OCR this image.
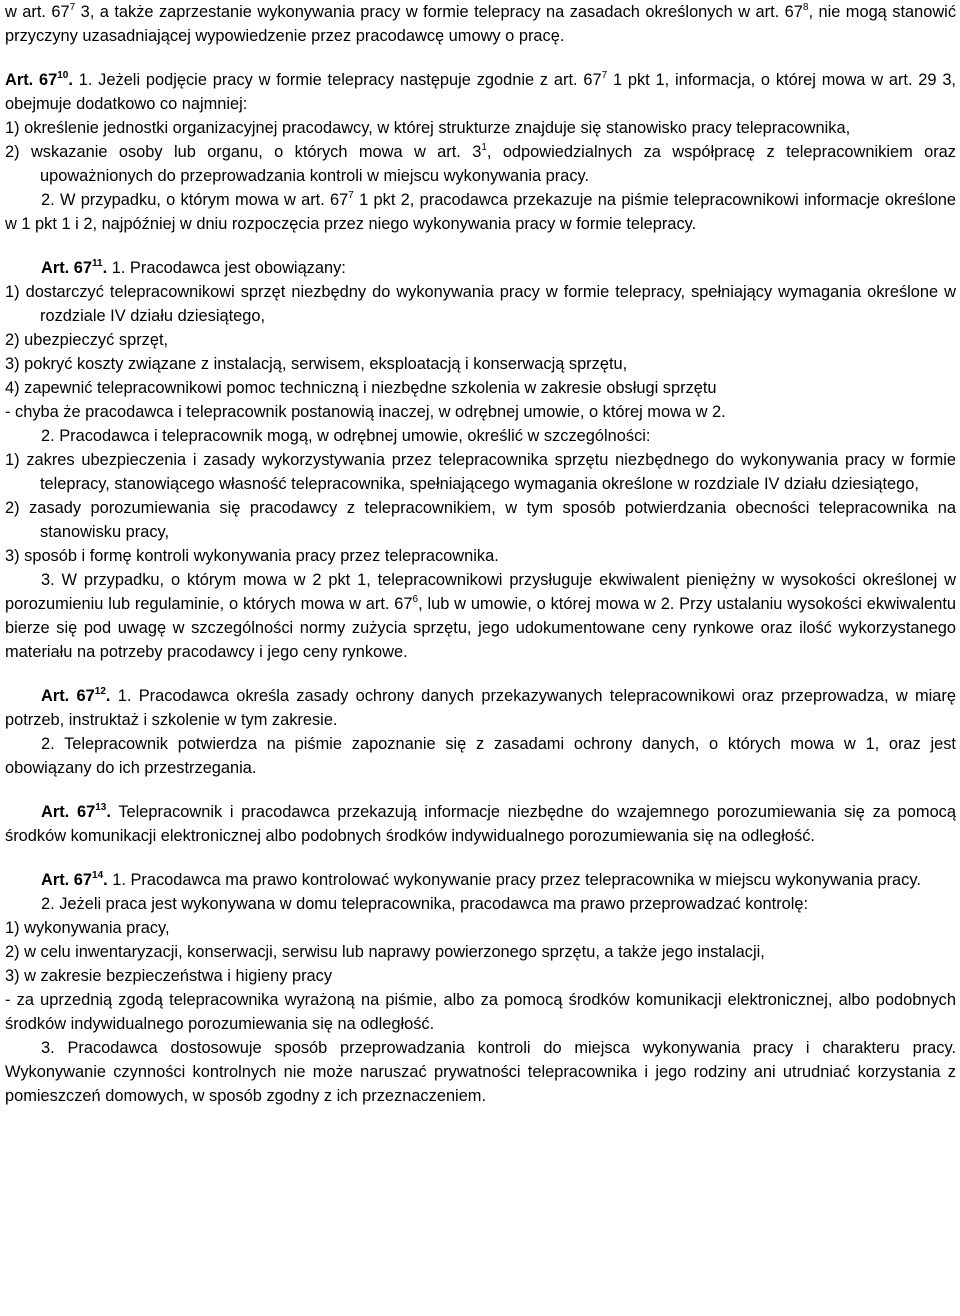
w art. $67^7$ 3, a także zaprzestanie wykonywania pracy w formie telepracy na zasadach określonych w art. $67^8$, nie mogą stanowić przyczyny uzasadniającej wypowiedzenie przez pracodawcę umowy o pracę.

Art. $67^{10}$. 1. Jeżeli podjęcie pracy w formie telepracy następuje zgodnie z art. $67^7$ 1 pkt 1, informacja, o której mowa w art. 29 3, obejmuje dodatkowo co najmniej:

1) określenie jednostki organizacyjnej pracodawcy, w której strukturze znajduje się stanowisko pracy telepracownika,

2) wskazanie osoby lub organu, o których mowa w art. $3^1$, odpowiedzialnych za współpracę z telepracownikiem oraz upoważnionych do przeprowadzania kontroli w miejscu wykonywania pracy.

2. W przypadku, o którym mowa w art. $67^7$ 1 pkt 2, pracodawca przekazuje na piśmie telepracownikowi informacje określone w 1 pkt 1 i 2, najpóźniej w dniu rozpoczęcia przez niego wykonywania pracy w formie telepracy.

Art. $67^{11}$. 1. Pracodawca jest obowiązany:

1) dostarczyć telepracownikowi sprzęt niezbędny do wykonywania pracy w formie telepracy, spełniający wymagania określone w rozdziale IV działu dziesiątego,

2) ubezpieczyć sprzęt,

3) pokryć koszty związane z instalacją, serwisem, eksploatacją i konserwacją sprzętu,

4) zapewnić telepracownikowi pomoc techniczną i niezbędne szkolenia w zakresie obsługi sprzętu

- chyba że pracodawca i telepracownik postanowią inaczej, w odrębnej umowie, o której mowa w 2.

2. Pracodawca i telepracownik mogą, w odrębnej umowie, określić w szczególności:

1) zakres ubezpieczenia i zasady wykorzystywania przez telepracownika sprzętu niezbędnego do wykonywania pracy w formie telepracy, stanowiącego własność telepracownika, spełniającego wymagania określone w rozdziale IV działu dziesiątego,

2) zasady porozumiewania się pracodawcy z telepracownikiem, w tym sposób potwierdzania obecności telepracownika na stanowisku pracy,

3) sposób i formę kontroli wykonywania pracy przez telepracownika.

3. W przypadku, o którym mowa w 2 pkt 1, telepracownikowi przysługuje ekwiwalent pieniężny w wysokości określonej w porozumieniu lub regulaminie, o których mowa w art. $67^6$, lub w umowie, o której mowa w 2. Przy ustalaniu wysokości ekwiwalentu bierze się pod uwagę w szczególności normy zużycia sprzętu, jego udokumentowane ceny rynkowe oraz ilość wykorzystanego materiału na potrzeby pracodawcy i jego ceny rynkowe.

Art. $67^{12}$. 1. Pracodawca określa zasady ochrony danych przekazywanych telepracownikowi oraz przeprowadza, w miarę potrzeb, instruktaż i szkolenie w tym zakresie.

2. Telepracownik potwierdza na piśmie zapoznanie się z zasadami ochrony danych, o których mowa w 1, oraz jest obowiązany do ich przestrzegania.

Art. $67^{13}$. Telepracownik i pracodawca przekazują informacje niezbędne do wzajemnego porozumiewania się za pomocą środków komunikacji elektronicznej albo podobnych środków indywidualnego porozumiewania się na odległość.

Art. $67^{14}$. 1. Pracodawca ma prawo kontrolować wykonywanie pracy przez telepracownika w miejscu wykonywania pracy.

2. Jeżeli praca jest wykonywana w domu telepracownika, pracodawca ma prawo przeprowadzać kontrolę:

1) wykonywania pracy,

2) w celu inwentaryzacji, konserwacji, serwisu lub naprawy powierzonego sprzętu, a także jego instalacji,

3) w zakresie bezpieczeństwa i higieny pracy

- za uprzednią zgodą telepracownika wyrażoną na piśmie, albo za pomocą środków komunikacji elektronicznej, albo podobnych środków indywidualnego porozumiewania się na odległość.

3. Pracodawca dostosowuje sposób przeprowadzania kontroli do miejsca wykonywania pracy i charakteru pracy. Wykonywanie czynności kontrolnych nie może naruszać prywatności telepracownika i jego rodziny ani utrudniać korzystania z pomieszczeń domowych, w sposób zgodny z ich przeznaczeniem.
